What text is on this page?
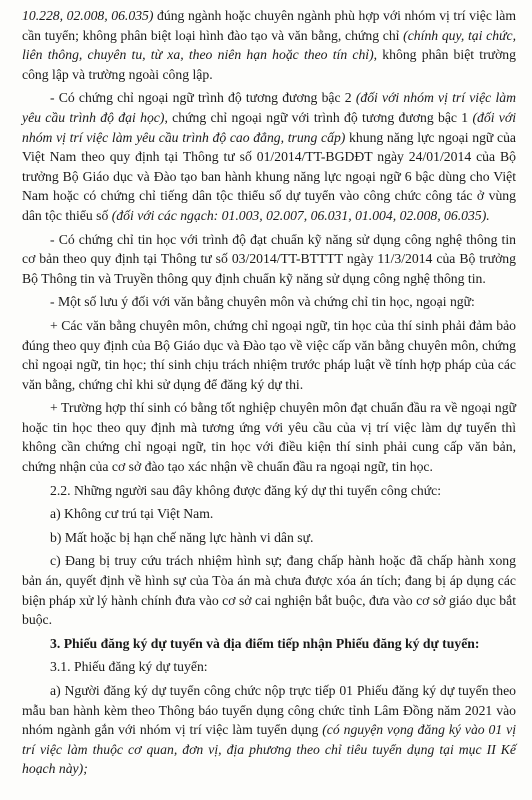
10.228, 02.008, 06.035) đúng ngành hoặc chuyên ngành phù hợp với nhóm vị trí việc làm cần tuyển; không phân biệt loại hình đào tạo và văn bằng, chứng chỉ (chính quy, tại chức, liên thông, chuyên tu, từ xa, theo niên hạn hoặc theo tín chỉ), không phân biệt trường công lập và trường ngoài công lập.

- Có chứng chỉ ngoại ngữ trình độ tương đương bậc 2 (đối với nhóm vị trí việc làm yêu cầu trình độ đại học), chứng chỉ ngoại ngữ với trình độ tương đương bậc 1 (đối với nhóm vị trí việc làm yêu cầu trình độ cao đẳng, trung cấp) khung năng lực ngoại ngữ của Việt Nam theo quy định tại Thông tư số 01/2014/TT-BGDĐT ngày 24/01/2014 của Bộ trưởng Bộ Giáo dục và Đào tạo ban hành khung năng lực ngoại ngữ 6 bậc dùng cho Việt Nam hoặc có chứng chỉ tiếng dân tộc thiểu số dự tuyển vào công chức công tác ở vùng dân tộc thiểu số (đối với các ngạch: 01.003, 02.007, 06.031, 01.004, 02.008, 06.035).

- Có chứng chỉ tin học với trình độ đạt chuẩn kỹ năng sử dụng công nghệ thông tin cơ bản theo quy định tại Thông tư số 03/2014/TT-BTTTT ngày 11/3/2014 của Bộ trưởng Bộ Thông tin và Truyền thông quy định chuẩn kỹ năng sử dụng công nghệ thông tin.

- Một số lưu ý đối với văn bằng chuyên môn và chứng chỉ tin học, ngoại ngữ:

+ Các văn bằng chuyên môn, chứng chỉ ngoại ngữ, tin học của thí sinh phải đảm bảo đúng theo quy định của Bộ Giáo dục và Đào tạo về việc cấp văn bằng chuyên môn, chứng chỉ ngoại ngữ, tin học; thí sinh chịu trách nhiệm trước pháp luật về tính hợp pháp của các văn bằng, chứng chỉ khi sử dụng để đăng ký dự thi.

+ Trường hợp thí sinh có bằng tốt nghiệp chuyên môn đạt chuẩn đầu ra về ngoại ngữ hoặc tin học theo quy định mà tương ứng với yêu cầu của vị trí việc làm dự tuyển thì không cần chứng chỉ ngoại ngữ, tin học với điều kiện thí sinh phải cung cấp văn bản, chứng nhận của cơ sở đào tạo xác nhận về chuẩn đầu ra ngoại ngữ, tin học.

2.2. Những người sau đây không được đăng ký dự thi tuyển công chức:

a) Không cư trú tại Việt Nam.

b) Mất hoặc bị hạn chế năng lực hành vi dân sự.

c) Đang bị truy cứu trách nhiệm hình sự; đang chấp hành hoặc đã chấp hành xong bản án, quyết định về hình sự của Tòa án mà chưa được xóa án tích; đang bị áp dụng các biện pháp xử lý hành chính đưa vào cơ sở cai nghiện bắt buộc, đưa vào cơ sở giáo dục bắt buộc.

3. Phiếu đăng ký dự tuyển và địa điểm tiếp nhận Phiếu đăng ký dự tuyển:

3.1. Phiếu đăng ký dự tuyển:

a) Người đăng ký dự tuyển công chức nộp trực tiếp 01 Phiếu đăng ký dự tuyển theo mẫu ban hành kèm theo Thông báo tuyển dụng công chức tỉnh Lâm Đồng năm 2021 vào nhóm ngành gắn với nhóm vị trí việc làm tuyển dụng (có nguyện vọng đăng ký vào 01 vị trí việc làm thuộc cơ quan, đơn vị, địa phương theo chỉ tiêu tuyển dụng tại mục II Kế hoạch này);
